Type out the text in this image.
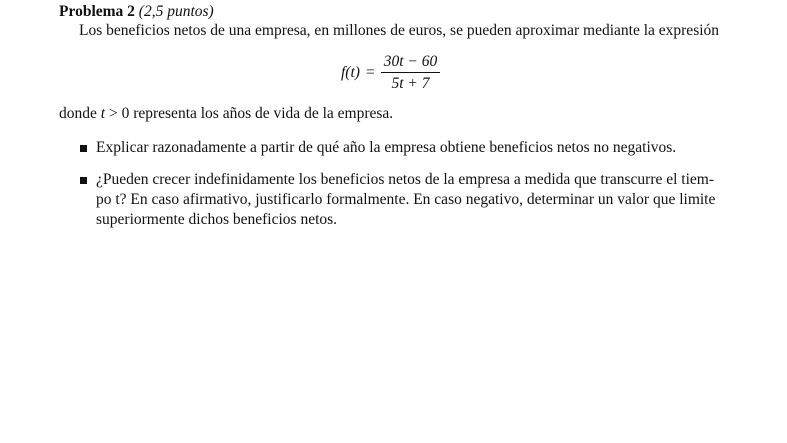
Problema 2 (2,5 puntos)
Los beneficios netos de una empresa, en millones de euros, se pueden aproximar mediante la expresión
$f(t) = \frac{30t - 60}{5t + 7}$
donde t > 0 representa los años de vida de la empresa.
Explicar razonadamente a partir de qué año la empresa obtiene beneficios netos no negativos.
¿Pueden crecer indefinidamente los beneficios netos de la empresa a medida que transcurre el tiem-
po t? En caso afirmativo, justificarlo formalmente. En caso negativo, determinar un valor que limite
superiormente dichos beneficios netos.
